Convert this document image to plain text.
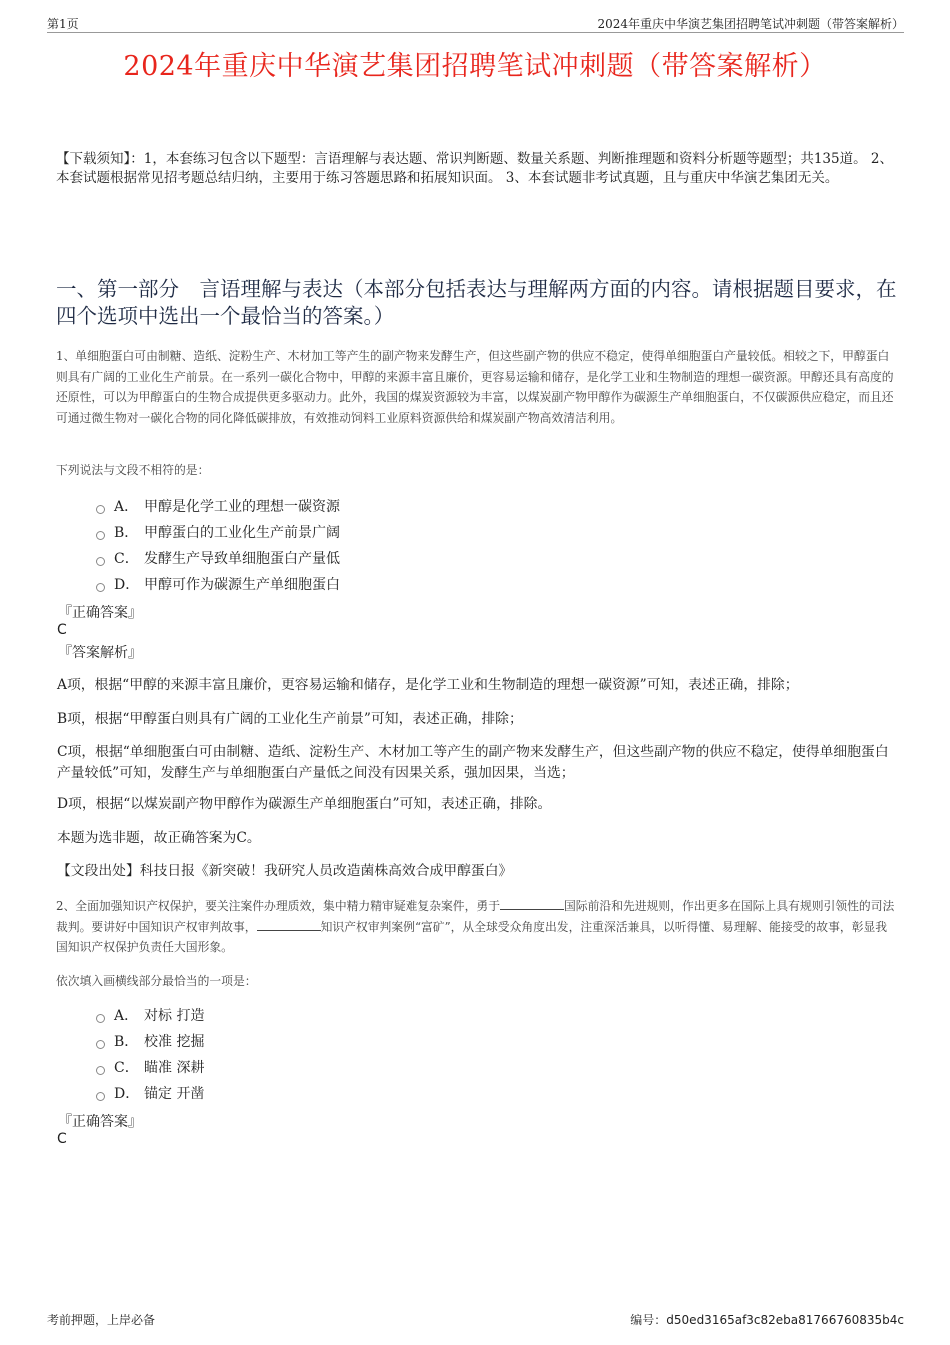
第1页	2024年重庆中华演艺集团招聘笔试冲刺题（带答案解析）
2024年重庆中华演艺集团招聘笔试冲刺题（带答案解析）
【下载须知】：1，本套练习包含以下题型：言语理解与表达题、常识判断题、数量关系题、判断推理题和资料分析题等题型；共135道。 2、本套试题根据常见招考题总结归纳，主要用于练习答题思路和拓展知识面。 3、本套试题非考试真题，且与重庆中华演艺集团无关。
一、第一部分　言语理解与表达（本部分包括表达与理解两方面的内容。请根据题目要求，在四个选项中选出一个最恰当的答案。）
1、单细胞蛋白可由制糖、造纸、淀粉生产、木材加工等产生的副产物来发酵生产，但这些副产物的供应不稳定，使得单细胞蛋白产量较低。相较之下，甲醇蛋白则具有广阔的工业化生产前景。在一系列一碳化合物中，甲醇的来源丰富且廉价，更容易运输和储存，是化学工业和生物制造的理想一碳资源。甲醇还具有高度的还原性，可以为甲醇蛋白的生物合成提供更多驱动力。此外，我国的煤炭资源较为丰富，以煤炭副产物甲醇作为碳源生产单细胞蛋白，不仅碳源供应稳定，而且还可通过微生物对一碳化合物的同化降低碳排放，有效推动饲料工业原料资源供给和煤炭副产物高效清洁利用。
下列说法与文段不相符的是：
A． 甲醇是化学工业的理想一碳资源
B． 甲醇蛋白的工业化生产前景广阔
C． 发酵生产导致单细胞蛋白产量低
D． 甲醇可作为碳源生产单细胞蛋白
『正确答案』
C
『答案解析』
A项，根据“甲醇的来源丰富且廉价，更容易运输和储存，是化学工业和生物制造的理想一碳资源”可知，表述正确，排除；
B项，根据“甲醇蛋白则具有广阔的工业化生产前景”可知，表述正确，排除；
C项，根据“单细胞蛋白可由制糖、造纸、淀粉生产、木材加工等产生的副产物来发酵生产，但这些副产物的供应不稳定，使得单细胞蛋白产量较低”可知，发酵生产与单细胞蛋白产量低之间没有因果关系，强加因果，当选；
D项，根据“以煤炭副产物甲醇作为碳源生产单细胞蛋白”可知，表述正确，排除。
本题为选非题，故正确答案为C。
【文段出处】科技日报《新突破！我研究人员改造菌株高效合成甲醇蛋白》
2、全面加强知识产权保护，要关注案件办理质效，集中精力精审疑难复杂案件，勇于	国际前沿和先进规则，作出更多在国际上具有规则引领性的司法裁判。要讲好中国知识产权审判故事，	知识产权审判案例“富矿”，从全球受众角度出发，注重深活兼具，以听得懂、易理解、能接受的故事，彰显我国知识产权保护负责任大国形象。
依次填入画横线部分最恰当的一项是：
A． 对标 打造
B． 校准 挖掘
C． 瞄准 深耕
D． 锚定 开凿
『正确答案』
C
考前押题，上岸必备	编号：d50ed3165af3c82eba81766760835b4c
